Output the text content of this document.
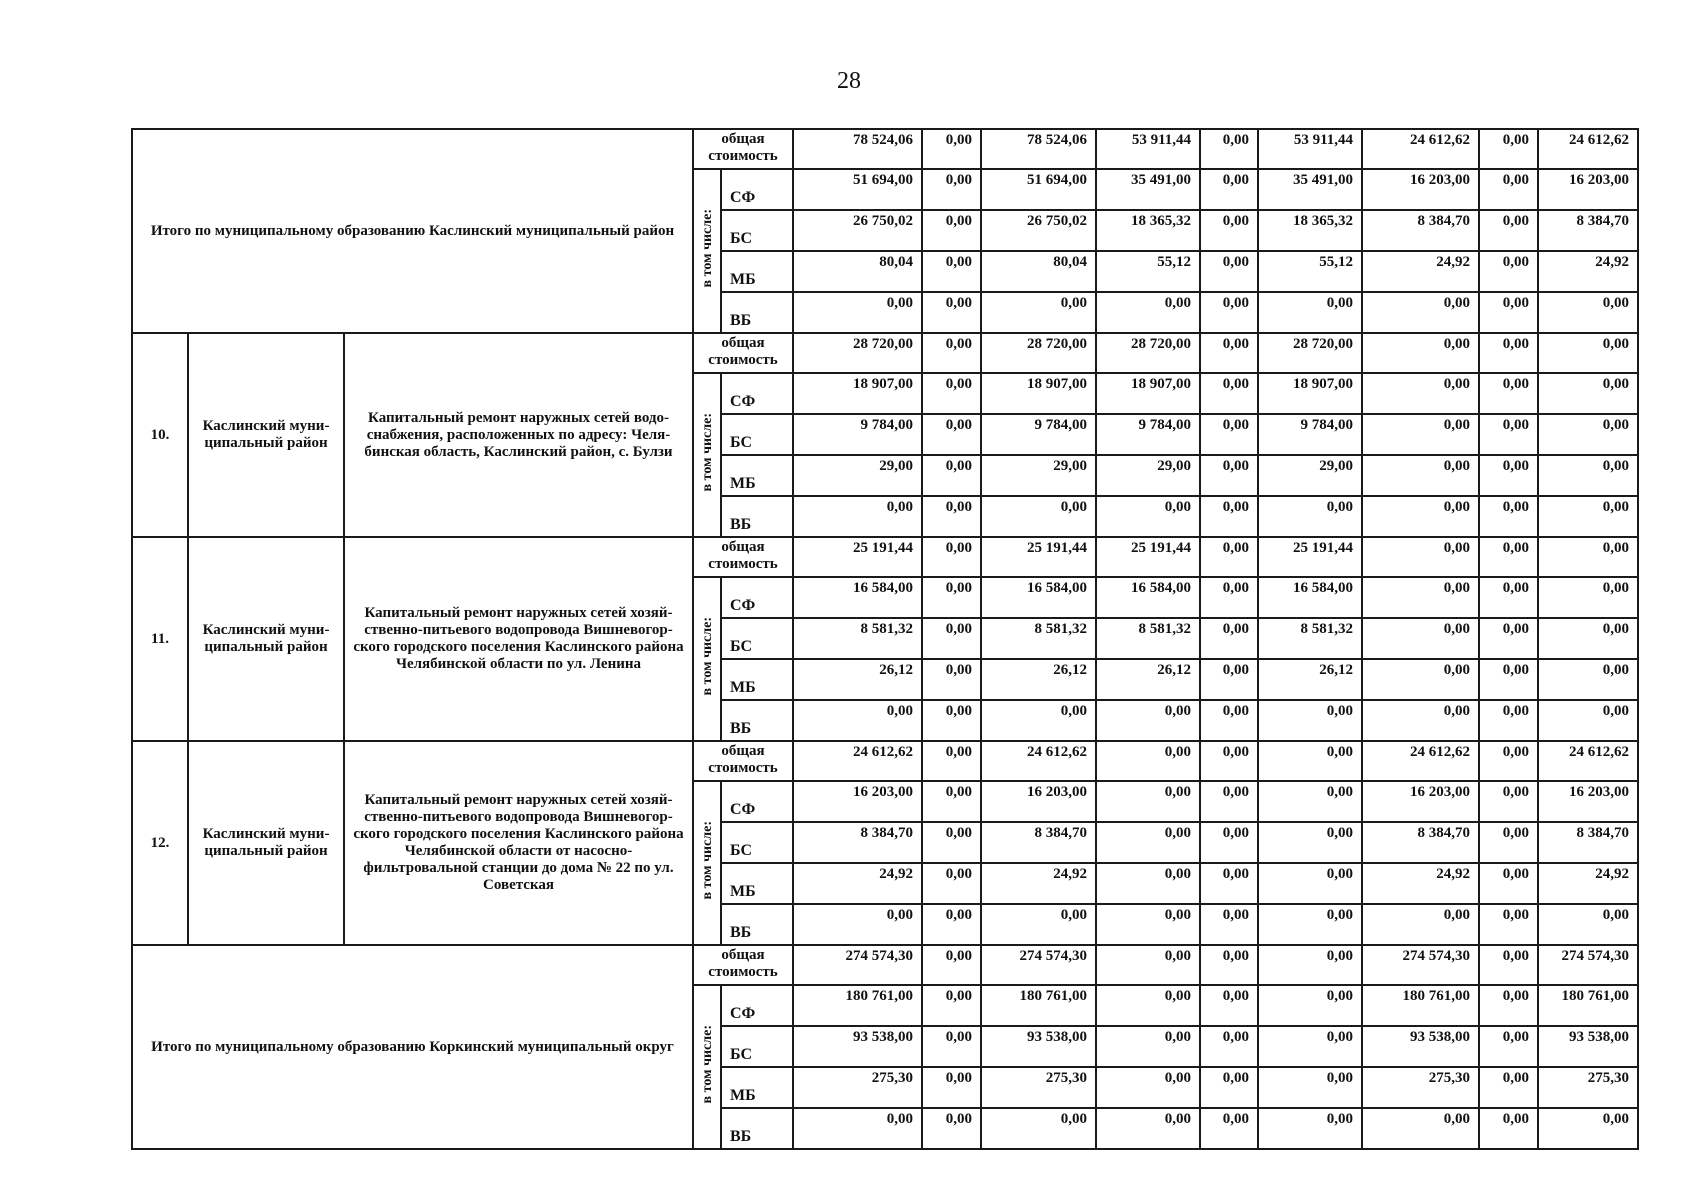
28
Итого по муниципальному образованию Каслинский муниципальный район			общая стоимость		78 524,06	0,00	78 524,06	53 911,44	0,00	53 911,44	24 612,62	0,00	24 612,62
			в том числе:	СФ	51 694,00	0,00	51 694,00	35 491,00	0,00	35 491,00	16 203,00	0,00	16 203,00
				БС	26 750,02	0,00	26 750,02	18 365,32	0,00	18 365,32	8 384,70	0,00	8 384,70
				МБ	80,04	0,00	80,04	55,12	0,00	55,12	24,92	0,00	24,92
				ВБ	0,00	0,00	0,00	0,00	0,00	0,00	0,00	0,00	0,00
10.	Каслинский муни-ципальный район	Капитальный ремонт наружных сетей водо-снабжения, расположенных по адресу: Челя-бинская область, Каслинский район, с. Булзи	общая стоимость		28 720,00	0,00	28 720,00	28 720,00	0,00	28 720,00	0,00	0,00	0,00
			в том числе:	СФ	18 907,00	0,00	18 907,00	18 907,00	0,00	18 907,00	0,00	0,00	0,00
				БС	9 784,00	0,00	9 784,00	9 784,00	0,00	9 784,00	0,00	0,00	0,00
				МБ	29,00	0,00	29,00	29,00	0,00	29,00	0,00	0,00	0,00
				ВБ	0,00	0,00	0,00	0,00	0,00	0,00	0,00	0,00	0,00
11.	Каслинский муни-ципальный район	Капитальный ремонт наружных сетей хозяй-ственно-питьевого водопровода Вишневогор-ского городского поселения Каслинского района Челябинской области по ул. Ленина	общая стоимость		25 191,44	0,00	25 191,44	25 191,44	0,00	25 191,44	0,00	0,00	0,00
			в том числе:	СФ	16 584,00	0,00	16 584,00	16 584,00	0,00	16 584,00	0,00	0,00	0,00
				БС	8 581,32	0,00	8 581,32	8 581,32	0,00	8 581,32	0,00	0,00	0,00
				МБ	26,12	0,00	26,12	26,12	0,00	26,12	0,00	0,00	0,00
				ВБ	0,00	0,00	0,00	0,00	0,00	0,00	0,00	0,00	0,00
12.	Каслинский муни-ципальный район	Капитальный ремонт наружных сетей хозяй-ственно-питьевого водопровода Вишневогор-ского городского поселения Каслинского района Челябинской области от насосно-фильтровальной станции до дома № 22 по ул. Советская	общая стоимость		24 612,62	0,00	24 612,62	0,00	0,00	0,00	24 612,62	0,00	24 612,62
			в том числе:	СФ	16 203,00	0,00	16 203,00	0,00	0,00	0,00	16 203,00	0,00	16 203,00
				БС	8 384,70	0,00	8 384,70	0,00	0,00	0,00	8 384,70	0,00	8 384,70
				МБ	24,92	0,00	24,92	0,00	0,00	0,00	24,92	0,00	24,92
				ВБ	0,00	0,00	0,00	0,00	0,00	0,00	0,00	0,00	0,00
Итого по муниципальному образованию Коркинский муниципальный округ			общая стоимость		274 574,30	0,00	274 574,30	0,00	0,00	0,00	274 574,30	0,00	274 574,30
			в том числе:	СФ	180 761,00	0,00	180 761,00	0,00	0,00	0,00	180 761,00	0,00	180 761,00
				БС	93 538,00	0,00	93 538,00	0,00	0,00	0,00	93 538,00	0,00	93 538,00
				МБ	275,30	0,00	275,30	0,00	0,00	0,00	275,30	0,00	275,30
				ВБ	0,00	0,00	0,00	0,00	0,00	0,00	0,00	0,00	0,00
